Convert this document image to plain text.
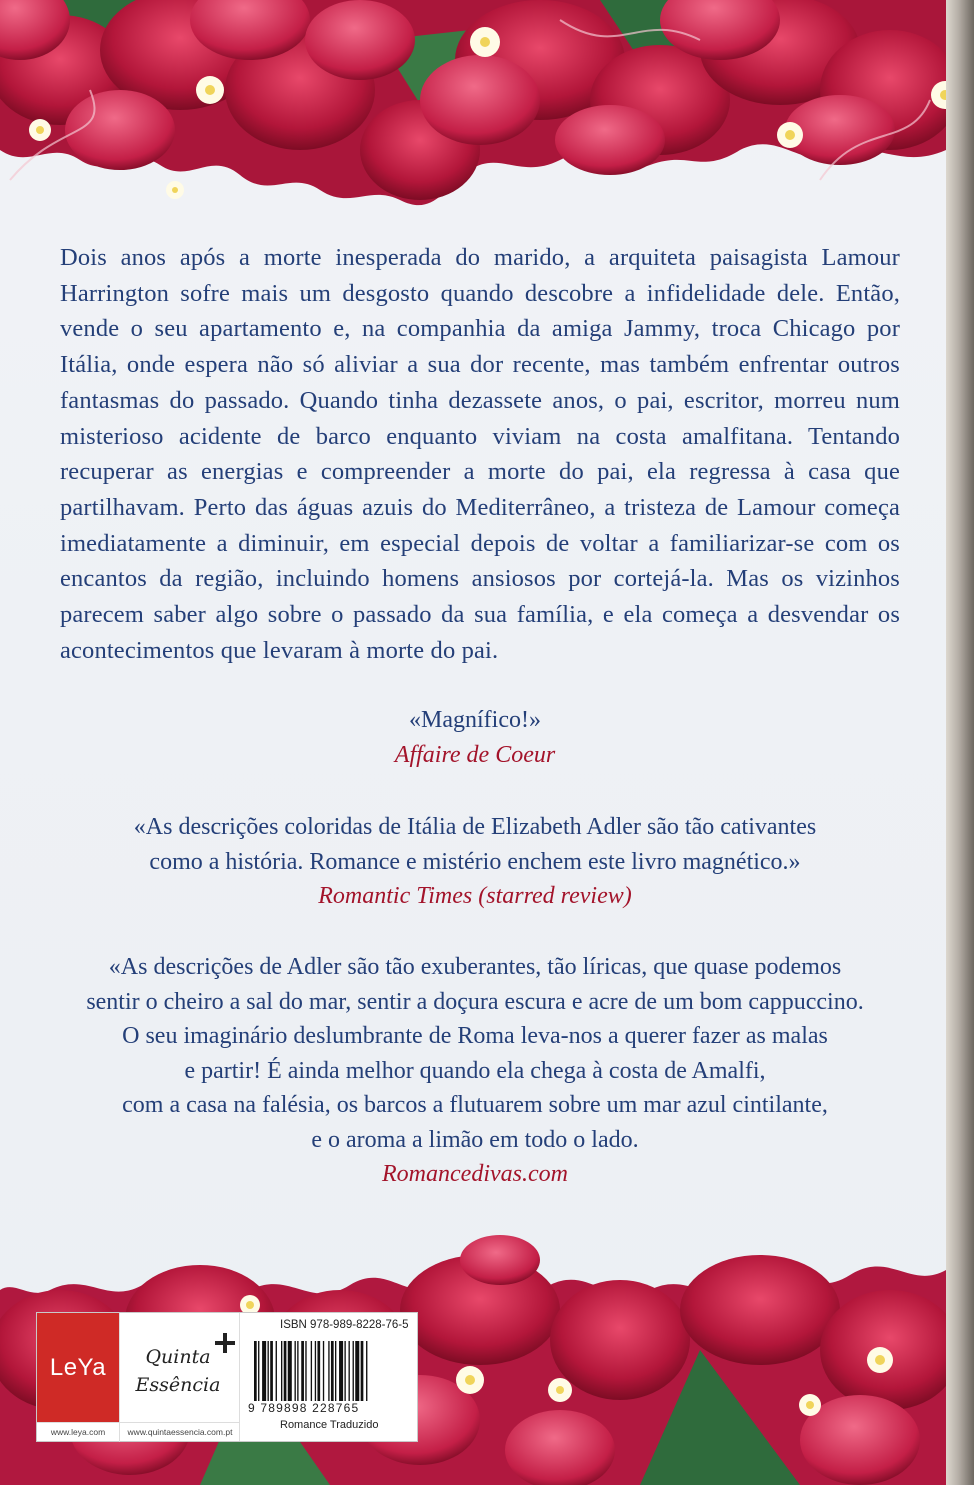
Dois anos após a morte inesperada do marido, a arquiteta paisagista Lamour Harrington sofre mais um desgosto quando descobre a infidelidade dele. Então, vende o seu apartamento e, na companhia da amiga Jammy, troca Chicago por Itália, onde espera não só aliviar a sua dor recente, mas também enfrentar outros fantasmas do passado. Quando tinha dezassete anos, o pai, escritor, morreu num misterioso acidente de barco enquanto viviam na costa amalfitana. Tentando recuperar as energias e compreender a morte do pai, ela regressa à casa que partilhavam. Perto das águas azuis do Mediterrâneo, a tristeza de Lamour começa imediatamente a diminuir, em especial depois de voltar a familiarizar-se com os encantos da região, incluindo homens ansiosos por cortejá-la. Mas os vizinhos parecem saber algo sobre o passado da sua família, e ela começa a desvendar os acontecimentos que levaram à morte do pai.

«Magnífico!»
Affaire de Coeur
«As descrições coloridas de Itália de Elizabeth Adler são tão cativantes
como a história. Romance e mistério enchem este livro magnético.»
Romantic Times (starred review)
«As descrições de Adler são tão exuberantes, tão líricas, que quase podemos
sentir o cheiro a sal do mar, sentir a doçura escura e acre de um bom cappuccino.
O seu imaginário deslumbrante de Roma leva-nos a querer fazer as malas
e partir! É ainda melhor quando ela chega à costa de Amalfi,
com a casa na falésia, os barcos a flutuarem sobre um mar azul cintilante,
e o aroma a limão em todo o lado.
Romancedivas.com
LeYa
www.leya.com
Quinta
Essência
www.quintaessencia.com.pt
ISBN 978-989-8228-76-5
9 789898 228765
Romance Traduzido
